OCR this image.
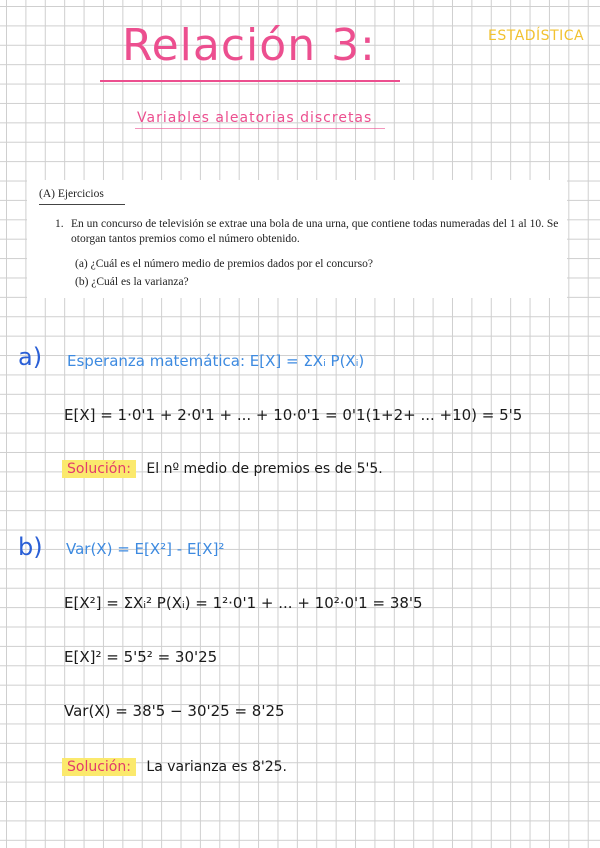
Relación 3:	ESTADÍSTICA
Variables aleatorias discretas
(A) Ejercicios
1. En un concurso de televisión se extrae una bola de una urna, que contiene todas numeradas del 1 al 10. Se otorgan tantos premios como el número obtenido.
(a) ¿Cuál es el número medio de premios dados por el concurso?
(b) ¿Cuál es la varianza?
a) Esperanza matemática: E[X] = ΣXᵢ P(Xᵢ)
E[X] = 1·0'1 + 2·0'1 + ... + 10·0'1 = 0'1(1+2+ ... +10) = 5'5
Solución: El nº medio de premios es de 5'5.
b) Var(X) = E[X²] - E[X]²
E[X²] = ΣXᵢ² P(Xᵢ) = 1²·0'1 + ... + 10²·0'1 = 38'5
E[X]² = 5'5² = 30'25
Var(X) = 38'5 − 30'25 = 8'25
Solución: La varianza es 8'25.
